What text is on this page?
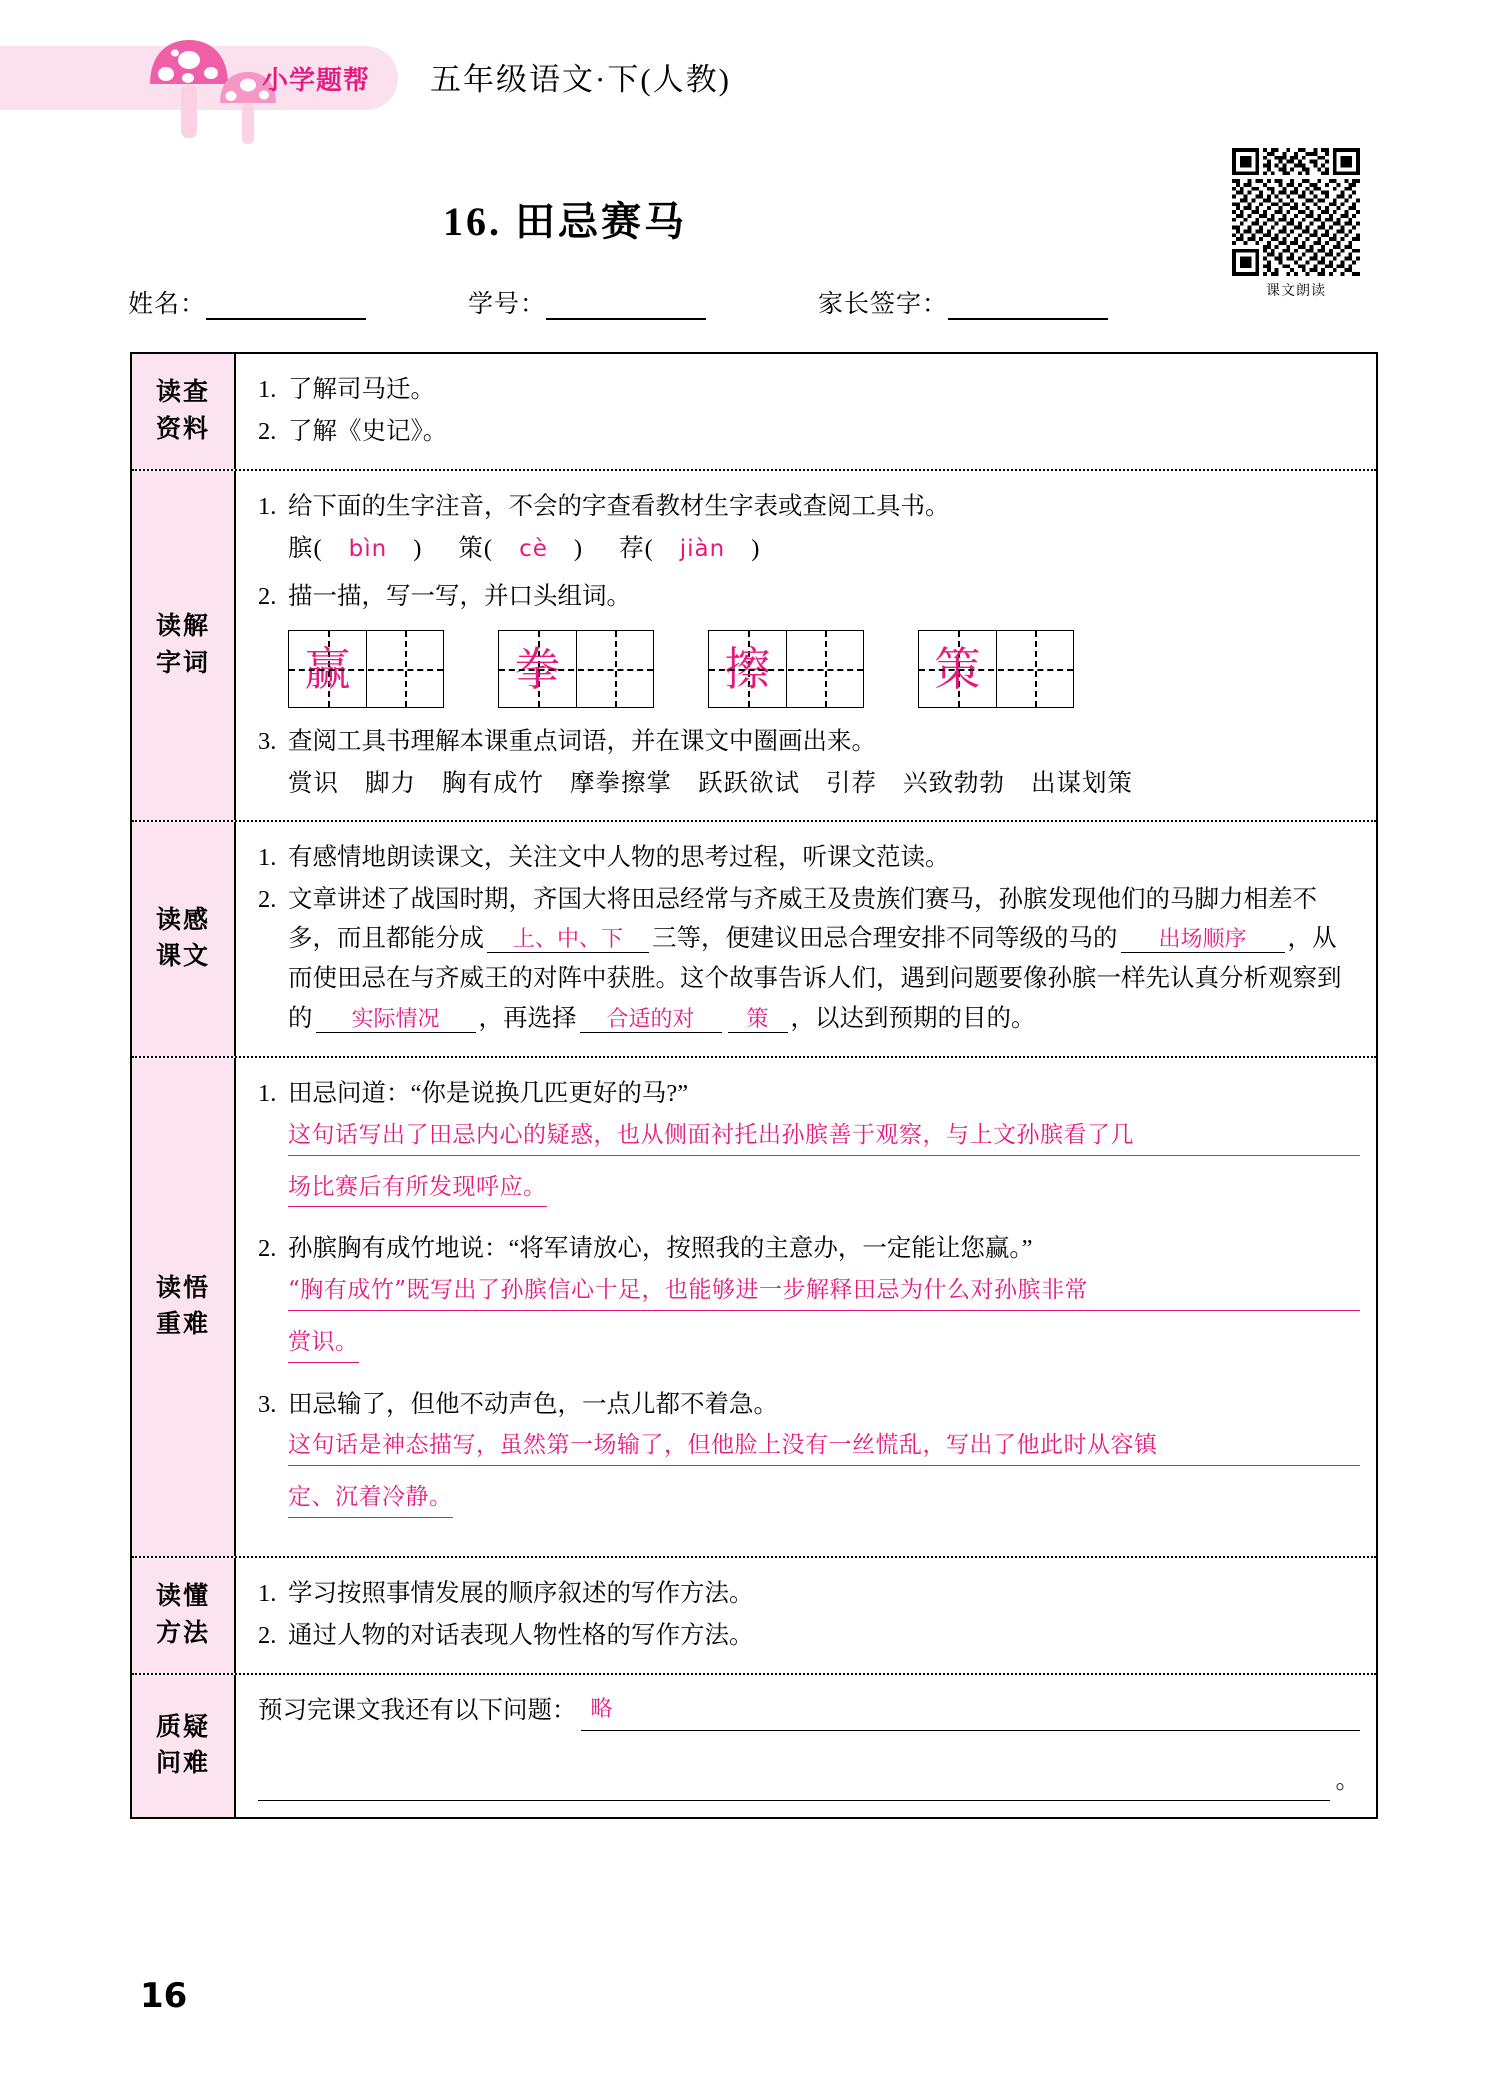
小学题帮 五年级语文·下(人教)
16. 田忌赛马
课文朗读
姓名：	学号：	家长签字：
读查
资料
1. 了解司马迁。
2. 了解《史记》。
读解
字词
1. 给下面的生字注音，不会的字查看教材生字表或查阅工具书。
膑( bìn ) 策( cè ) 荐( jiàn )
2. 描一描，写一写，并口头组词。
赢	拳	擦	策
3. 查阅工具书理解本课重点词语，并在课文中圈画出来。
赏识 脚力 胸有成竹 摩拳擦掌 跃跃欲试 引荐 兴致勃勃 出谋划策
读感
课文
1. 有感情地朗读课文，关注文中人物的思考过程，听课文范读。
2. 文章讲述了战国时期，齐国大将田忌经常与齐威王及贵族们赛马，孙膑发现他们的马脚力相差不多，而且都能分成 上、中、下 三等，便建议田忌合理安排不同等级的马的 出场顺序 ，从而使田忌在与齐威王的对阵中获胜。这个故事告诉人们，遇到问题要像孙膑一样先认真分析观察到的 实际情况 ，再选择 合适的对 策 ，以达到预期的目的。
读悟
重难
1. 田忌问道：“你是说换几匹更好的马?”
这句话写出了田忌内心的疑惑，也从侧面衬托出孙膑善于观察，与上文孙膑看了几
场比赛后有所发现呼应。
2. 孙膑胸有成竹地说：“将军请放心，按照我的主意办，一定能让您赢。”
“胸有成竹”既写出了孙膑信心十足，也能够进一步解释田忌为什么对孙膑非常
赏识。
3. 田忌输了，但他不动声色，一点儿都不着急。
这句话是神态描写，虽然第一场输了，但他脸上没有一丝慌乱，写出了他此时从容镇
定、沉着冷静。
读懂
方法
1. 学习按照事情发展的顺序叙述的写作方法。
2. 通过人物的对话表现人物性格的写作方法。
质疑
问难
预习完课文我还有以下问题： 略
。
16
